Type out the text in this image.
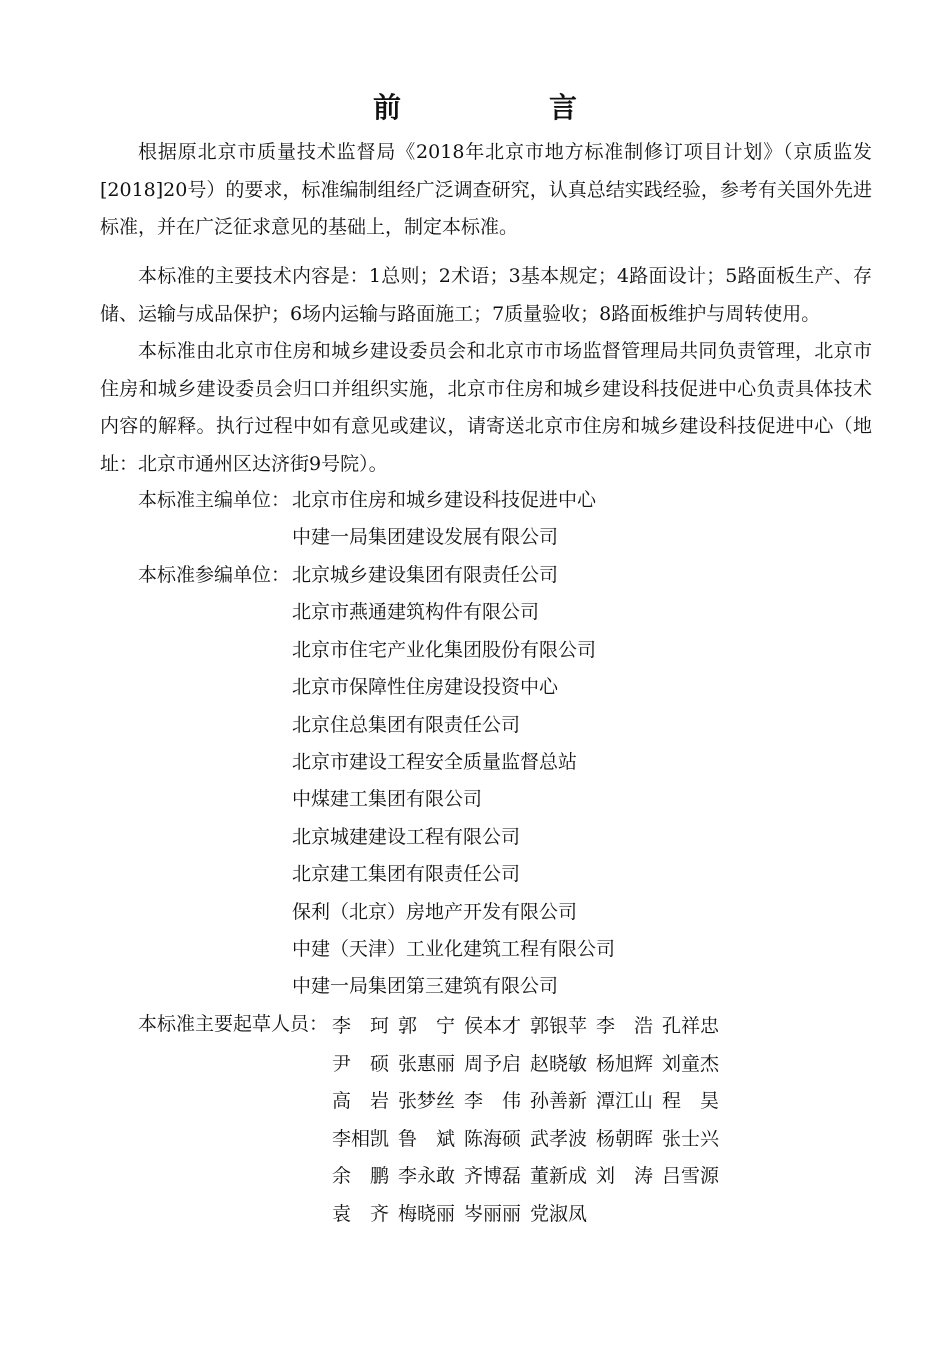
前　言

根据原北京市质量技术监督局《2018年北京市地方标准制修订项目计划》（京质监发[2018]20号）的要求，标准编制组经广泛调查研究，认真总结实践经验，参考有关国外先进标准，并在广泛征求意见的基础上，制定本标准。

本标准的主要技术内容是：1总则；2术语；3基本规定；4路面设计；5路面板生产、存储、运输与成品保护；6场内运输与路面施工；7质量验收；8路面板维护与周转使用。

本标准由北京市住房和城乡建设委员会和北京市市场监督管理局共同负责管理，北京市住房和城乡建设委员会归口并组织实施，北京市住房和城乡建设科技促进中心负责具体技术内容的解释。执行过程中如有意见或建议，请寄送北京市住房和城乡建设科技促进中心（地址：北京市通州区达济街9号院）。

本标准主编单位： 北京市住房和城乡建设科技促进中心
中建一局集团建设发展有限公司
本标准参编单位： 北京城乡建设集团有限责任公司
北京市燕通建筑构件有限公司
北京市住宅产业化集团股份有限公司
北京市保障性住房建设投资中心
北京住总集团有限责任公司
北京市建设工程安全质量监督总站
中煤建工集团有限公司
北京城建建设工程有限公司
北京建工集团有限责任公司
保利（北京）房地产开发有限公司
中建（天津）工业化建筑工程有限公司
中建一局集团第三建筑有限公司
本标准主要起草人员： 李　珂 郭　宁 侯本才 郭银苹 李　浩 孔祥忠
尹　硕 张惠丽 周予启 赵晓敏 杨旭辉 刘童杰
高　岩 张梦丝 李　伟 孙善新 潭江山 程　昊
李相凯 鲁　斌 陈海硕 武孝波 杨朝晖 张士兴
余　鹏 李永敢 齐博磊 董新成 刘　涛 吕雪源
袁　齐 梅晓丽 岑丽丽 党淑凤
